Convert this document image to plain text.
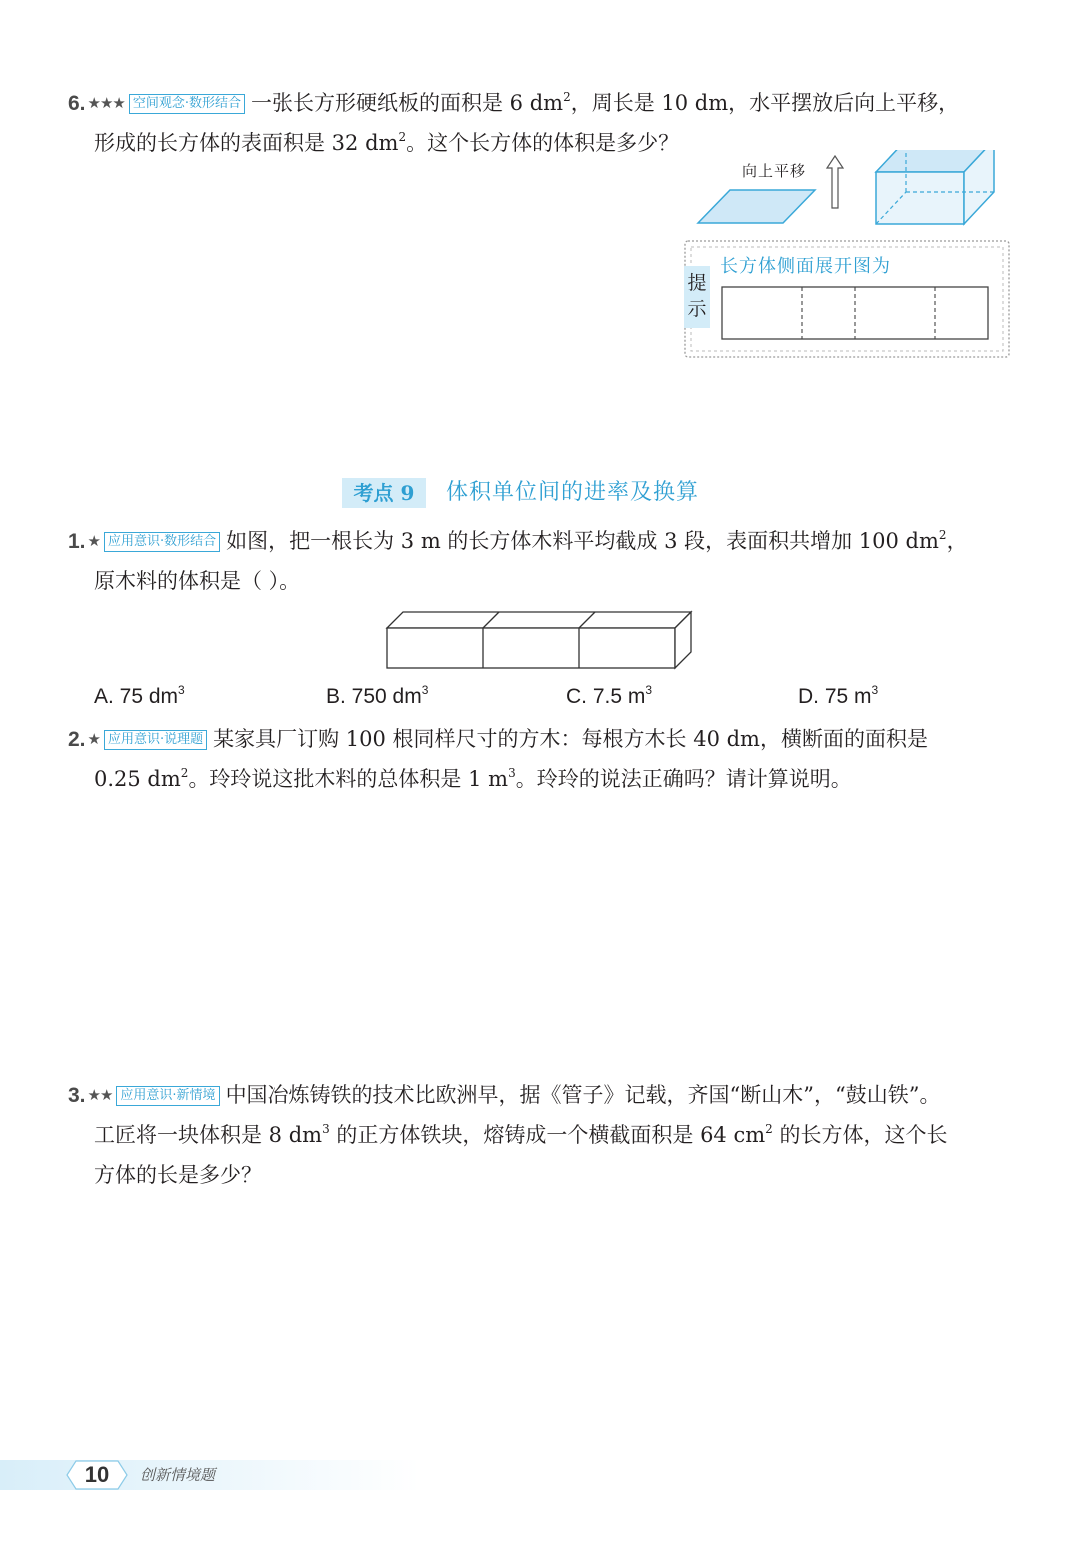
6. ★★★ 空间观念·数形结合 一张长方形硬纸板的面积是 6 $dm^2$，周长是 10 dm，水平摆放后向上平移，
形成的长方体的表面积是 32 $dm^2$。这个长方体的体积是多少？
向上平移
提示
长方体侧面展开图为
考点 9	体积单位间的进率及换算
1. ★ 应用意识·数形结合 如图，把一根长为 3 m 的长方体木料平均截成 3 段，表面积共增加 100 $dm^2$，
原木料的体积是（ ）。
A. 75 $dm^3$	B. 750 $dm^3$	C. 7.5 $m^3$	D. 75 $m^3$
2. ★ 应用意识·说理题 某家具厂订购 100 根同样尺寸的方木：每根方木长 40 dm，横断面的面积是
0.25 $dm^2$。玲玲说这批木料的总体积是 1 $m^3$。玲玲的说法正确吗？请计算说明。
3. ★★ 应用意识·新情境 中国冶炼铸铁的技术比欧洲早，据《管子》记载，齐国“断山木”，“鼓山铁”。
工匠将一块体积是 8 $dm^3$ 的正方体铁块，熔铸成一个横截面积是 64 $cm^2$ 的长方体，这个长
方体的长是多少？
10	创新情境题
